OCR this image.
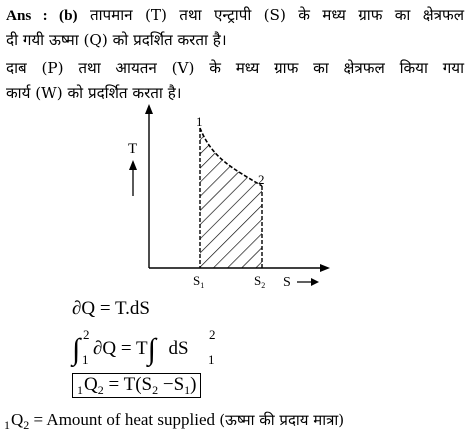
Ans : (b) तापमान (T) तथा एन्ट्रापी (S) के मध्य ग्राफ का क्षेत्रफल
दी गयी ऊष्मा (Q) को प्रदर्शित करता है।
दाब (P) तथा आयतन (V) के मध्य ग्राफ का क्षेत्रफल किया गया
कार्य (W) को प्रदर्शित करता है।
T
1
2
$S_1$	$S_2$ S
∂Q = T.dS
∫ 2
1
∂Q = T∫	2
1
dS
$_1Q_2 = T(S_2 -S_1)$
$_1Q_2$ = Amount of heat supplied (ऊष्मा की प्रदाय मात्रा)
